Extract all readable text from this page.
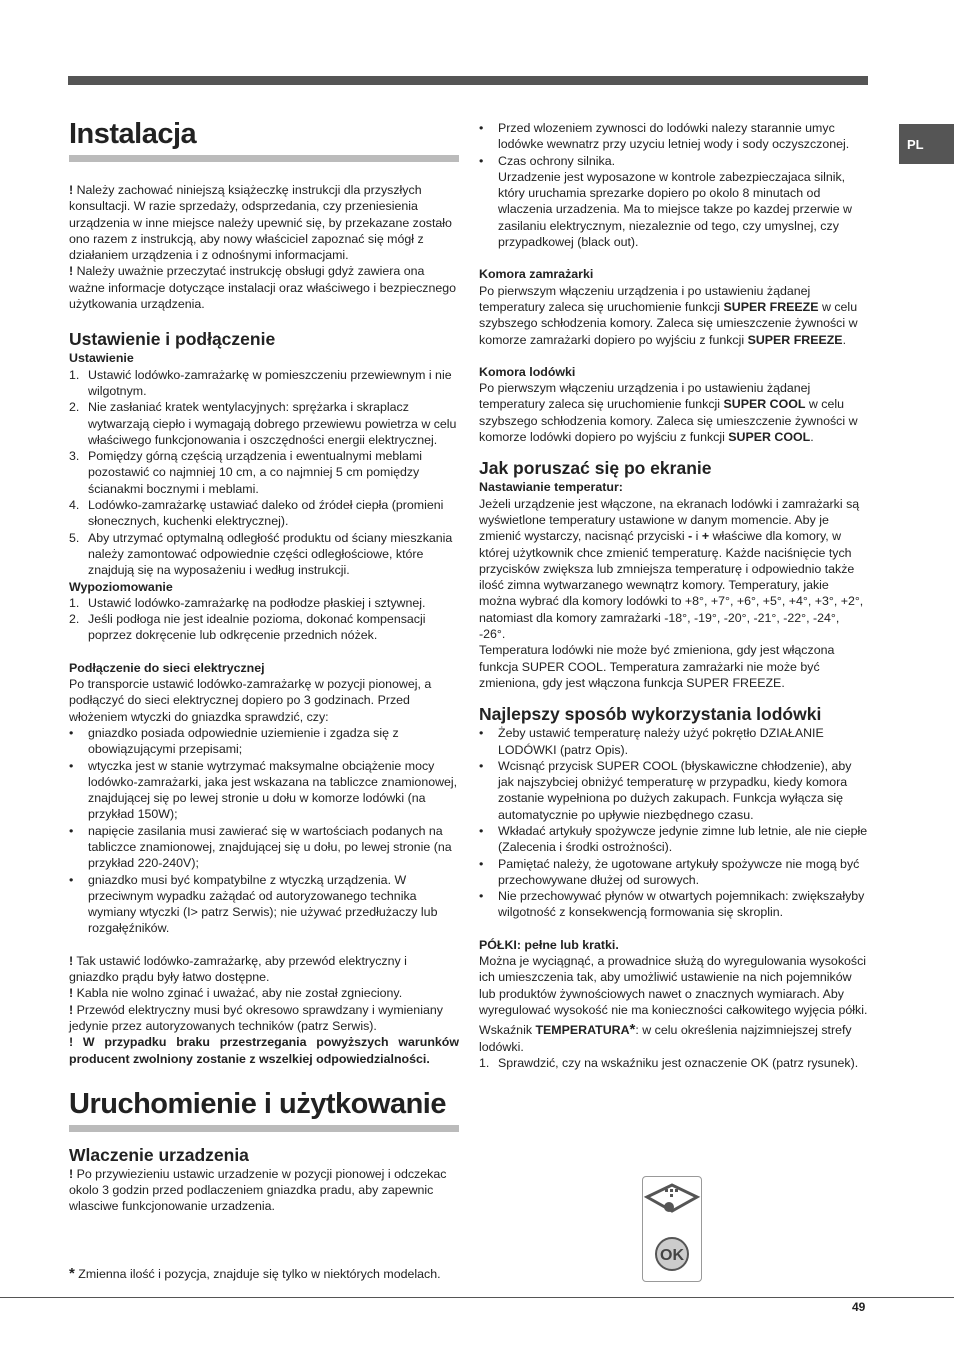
PL
Instalacja

! Należy zachować niniejszą książeczkę instrukcji dla przyszłych konsultacji. W razie sprzedaży, odsprzedania, czy przeniesienia urządzenia w inne miejsce należy upewnić się, by przekazane zostało ono razem z instrukcją, aby nowy właściciel zapoznać się mógł z działaniem urządzenia i z odnośnymi informacjami.

! Należy uważnie przeczytać instrukcję obsługi gdyż zawiera ona ważne informacje dotyczące instalacji oraz właściwego i bezpiecznego użytkowania urządzenia.

Ustawienie i podłączenie
Ustawienie
1. Ustawić lodówko-zamrażarkę w pomieszczeniu przewiewnym i nie wilgotnym.
2. Nie zasłaniać kratek wentylacyjnych: sprężarka i skraplacz wytwarzają ciepło i wymagają dobrego przewiewu powietrza w celu właściwego funkcjonowania i oszczędności energii elektrycznej.
3. Pomiędzy górną częścią urządzenia i ewentualnymi meblami pozostawić co najmniej 10 cm, a co najmniej 5 cm pomiędzy ścianakmi bocznymi i meblami.
4. Lodówko-zamrażarkę ustawiać daleko od źródeł ciepła (promieni słonecznych, kuchenki elektrycznej).
5. Aby utrzymać optymalną odległość produktu od ściany mieszkania należy zamontować odpowiednie części odległościowe, które znajdują się na wyposażeniu i według instrukcji.
Wypoziomowanie
1. Ustawić lodówko-zamrażarkę na podłodze płaskiej i sztywnej.
2. Jeśli podłoga nie jest idealnie pozioma, dokonać kompensacji poprzez dokręcenie lub odkręcenie przednich nóżek.
Podłączenie do sieci elektrycznej

Po transporcie ustawić lodówko-zamrażarkę w pozycji pionowej, a podłączyć do sieci elektrycznej dopiero po 3 godzinach. Przed włożeniem wtyczki do gniazdka sprawdzić, czy:

• gniazdko posiada odpowiednie uziemienie i zgadza się z obowiązującymi przepisami;
• wtyczka jest w stanie wytrzymać maksymalne obciążenie mocy lodówko-zamrażarki, jaka jest wskazana na tabliczce znamionowej, znajdującej się po lewej stronie u dołu w komorze lodówki (na przykład 150W);
• napięcie zasilania musi zawierać się w wartościach podanych na tabliczce znamionowej, znajdującej się u dołu, po lewej stronie (na przykład 220-240V);
• gniazdko musi być kompatybilne z wtyczką urządzenia. W przeciwnym wypadku zażądać od autoryzowanego technika wymiany wtyczki (I> patrz Serwis); nie używać przedłużaczy lub rozgałęźników.

! Tak ustawić lodówko-zamrażarkę, aby przewód elektryczny i gniazdko prądu były łatwo dostępne.

! Kabla nie wolno zginać i uważać, aby nie został zgnieciony.

! Przewód elektryczny musi być okresowo sprawdzany i wymieniany jedynie przez autoryzowanych techników (patrz Serwis).

! W przypadku braku przestrzegania powyższych warunków producent zwolniony zostanie z wszelkiej odpowiedzialności.

Uruchomienie i użytkowanie
Wlaczenie urzadzenia

! Po przywiezieniu ustawic urzadzenie w pozycji pionowej i odczekac okolo 3 godzin przed podlaczeniem gniazdka pradu, aby zapewnic wlasciwe funkcjonowanie urzadzenia.

* Zmienna ilość i pozycja, znajduje się tylko w niektórych modelach.
• Przed wlozeniem zywnosci do lodówki nalezy starannie umyc lodówke wewnatrz przy uzyciu letniej wody i sody oczyszczonej.
• Czas ochrony silnika.
Urzadzenie jest wyposazone w kontrole zabezpieczajaca silnik, który uruchamia sprezarke dopiero po okolo 8 minutach od wlaczenia urzadzenia. Ma to miejsce takze po kazdej przerwie w zasilaniu elektrycznym, niezaleznie od tego, czy umyslnej, czy przypadkowej (black out).
Komora zamrażarki

Po pierwszym włączeniu urządzenia i po ustawieniu żądanej temperatury zaleca się uruchomienie funkcji SUPER FREEZE w celu szybszego schłodzenia komory. Zaleca się umieszczenie żywności w komorze zamrażarki dopiero po wyjściu z funkcji SUPER FREEZE.

Komora lodówki

Po pierwszym włączeniu urządzenia i po ustawieniu żądanej temperatury zaleca się uruchomienie funkcji SUPER COOL w celu szybszego schłodzenia komory. Zaleca się umieszczenie żywności w komorze lodówki dopiero po wyjściu z funkcji SUPER COOL.

Jak poruszać się po ekranie
Nastawianie temperatur:

Jeżeli urządzenie jest włączone, na ekranach lodówki i zamrażarki są wyświetlone temperatury ustawione w danym momencie. Aby je zmienić wystarczy, nacisnąć przyciski - i + właściwe dla komory, w której użytkownik chce zmienić temperaturę. Każde naciśnięcie tych przycisków zwiększa lub zmniejsza temperaturę i odpowiednio także ilość zimna wytwarzanego wewnątrz komory. Temperatury, jakie można wybrać dla komory lodówki to +8°, +7°, +6°, +5°, +4°, +3°, +2°, natomiast dla komory zamrażarki -18°, -19°, -20°, -21°, -22°, -24°, -26°.

Temperatura lodówki nie może być zmieniona, gdy jest włączona funkcja SUPER COOL. Temperatura zamrażarki nie może być zmieniona, gdy jest włączona funkcja SUPER FREEZE.

Najlepszy sposób wykorzystania lodówki
• Żeby ustawić temperaturę należy użyć pokrętło DZIAŁANIE LODÓWKI (patrz Opis).
• Wcisnąć przycisk SUPER COOL (błyskawiczne chłodzenie), aby jak najszybciej obniżyć temperaturę w przypadku, kiedy komora zostanie wypełniona po dużych zakupach. Funkcja wyłącza się automatycznie po upływie niezbędnego czasu.
• Wkładać artykuły spożywcze jedynie zimne lub letnie, ale nie ciepłe (Zalecenia i środki ostrożności).
• Pamiętać należy, że ugotowane artykuły spożywcze nie mogą być przechowywane dłużej od surowych.
• Nie przechowywać płynów w otwartych pojemnikach: zwiększałyby wilgotność z konsekwencją formowania się skroplin.
PÓŁKI: pełne lub kratki.

Można je wyciągnąć, a prowadnice służą do wyregulowania wysokości ich umieszczenia tak, aby umożliwić ustawienie na nich pojemników lub produktów żywnościowych nawet o znacznych wymiarach. Aby wyregulować wysokość nie ma konieczności całkowitego wyjęcia półki.

Wskaźnik TEMPERATURA*: w celu określenia najzimniejszej strefy lodówki.

1. Sprawdzić, czy na wskaźniku jest oznaczenie OK (patrz rysunek).
OK
49
